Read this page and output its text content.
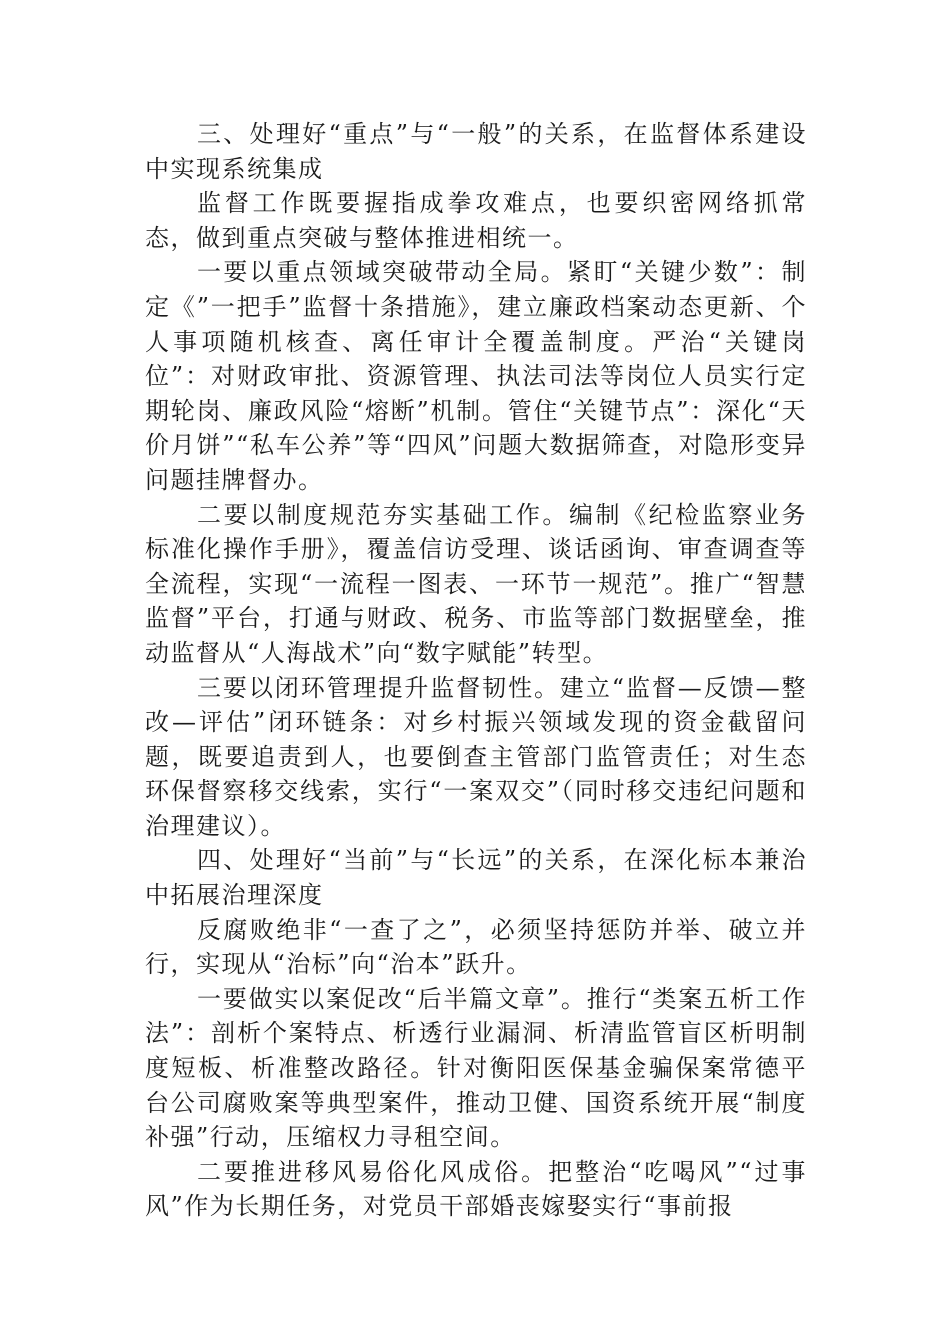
三、处理好“重点”与“一般”的关系，在监督体系建设中实现系统集成

监督工作既要握指成拳攻难点，也要织密网络抓常态，做到重点突破与整体推进相统一。

一要以重点领域突破带动全局。紧盯“关键少数”：制定《”一把手”监督十条措施》，建立廉政档案动态更新、个人事项随机核查、离任审计全覆盖制度。严治“关键岗位”：对财政审批、资源管理、执法司法等岗位人员实行定期轮岗、廉政风险“熔断”机制。管住“关键节点”：深化“天价月饼”“私车公养”等“四风”问题大数据筛查，对隐形变异问题挂牌督办。

二要以制度规范夯实基础工作。编制《纪检监察业务标准化操作手册》，覆盖信访受理、谈话函询、审查调查等全流程，实现“一流程一图表、一环节一规范”。推广“智慧监督”平台，打通与财政、税务、市监等部门数据壁垒，推动监督从“人海战术”向“数字赋能”转型。

三要以闭环管理提升监督韧性。建立“监督—反馈—整改—评估”闭环链条：对乡村振兴领域发现的资金截留问题，既要追责到人，也要倒查主管部门监管责任；对生态环保督察移交线索，实行“一案双交”（同时移交违纪问题和治理建议）。

四、处理好“当前”与“长远”的关系，在深化标本兼治中拓展治理深度

反腐败绝非“一查了之”，必须坚持惩防并举、破立并行，实现从“治标”向“治本”跃升。

一要做实以案促改“后半篇文章”。推行“类案五析工作法”：剖析个案特点、析透行业漏洞、析清监管盲区析明制度短板、析准整改路径。针对衡阳医保基金骗保案常德平台公司腐败案等典型案件，推动卫健、国资系统开展“制度补强”行动，压缩权力寻租空间。

二要推进移风易俗化风成俗。把整治“吃喝风”“过事风”作为长期任务，对党员干部婚丧嫁娶实行“事前报
